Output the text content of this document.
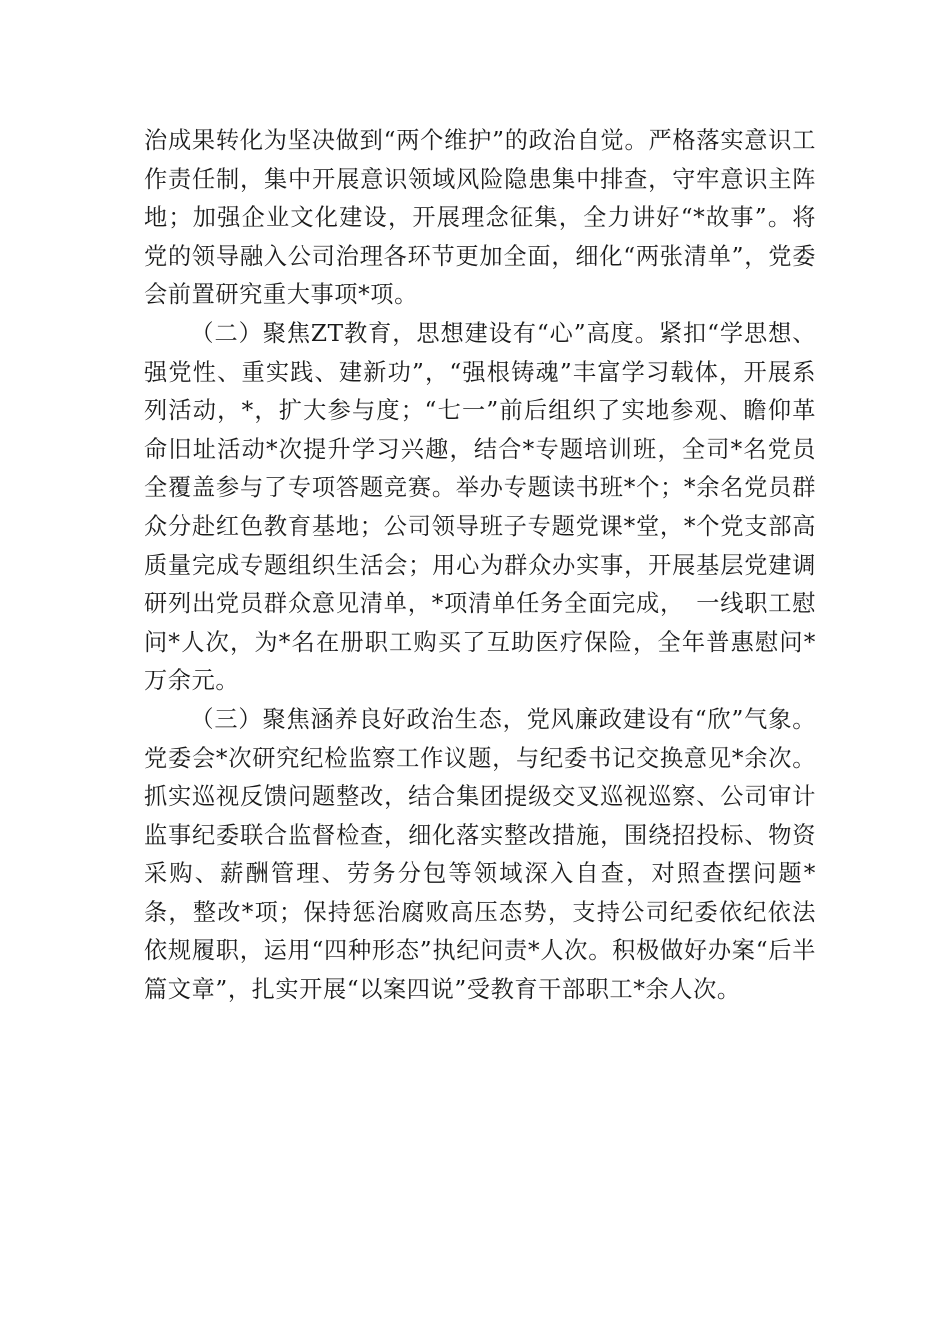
治成果转化为坚决做到“两个维护”的政治自觉。严格落实意识工作责任制，集中开展意识领域风险隐患集中排查，守牢意识主阵地；加强企业文化建设，开展理念征集，全力讲好“*故事”。将党的领导融入公司治理各环节更加全面，细化“两张清单”，党委会前置研究重大事项*项。

（二）聚焦ZT教育，思想建设有“心”高度。紧扣“学思想、强党性、重实践、建新功”，“强根铸魂”丰富学习载体，开展系列活动，*，扩大参与度；“七一”前后组织了实地参观、瞻仰革命旧址活动*次提升学习兴趣，结合*专题培训班，全司*名党员全覆盖参与了专项答题竞赛。举办专题读书班*个；*余名党员群众分赴红色教育基地；公司领导班子专题党课*堂，*个党支部高质量完成专题组织生活会；用心为群众办实事，开展基层党建调研列出党员群众意见清单，*项清单任务全面完成，　一线职工慰问*人次，为*名在册职工购买了互助医疗保险，全年普惠慰问*万余元。

（三）聚焦涵养良好政治生态，党风廉政建设有“欣”气象。党委会*次研究纪检监察工作议题，与纪委书记交换意见*余次。抓实巡视反馈问题整改，结合集团提级交叉巡视巡察、公司审计监事纪委联合监督检查，细化落实整改措施，围绕招投标、物资采购、薪酬管理、劳务分包等领域深入自查，对照查摆问题*条，整改*项；保持惩治腐败高压态势，支持公司纪委依纪依法依规履职，运用“四种形态”执纪问责*人次。积极做好办案“后半篇文章”，扎实开展“以案四说”受教育干部职工*余人次。
